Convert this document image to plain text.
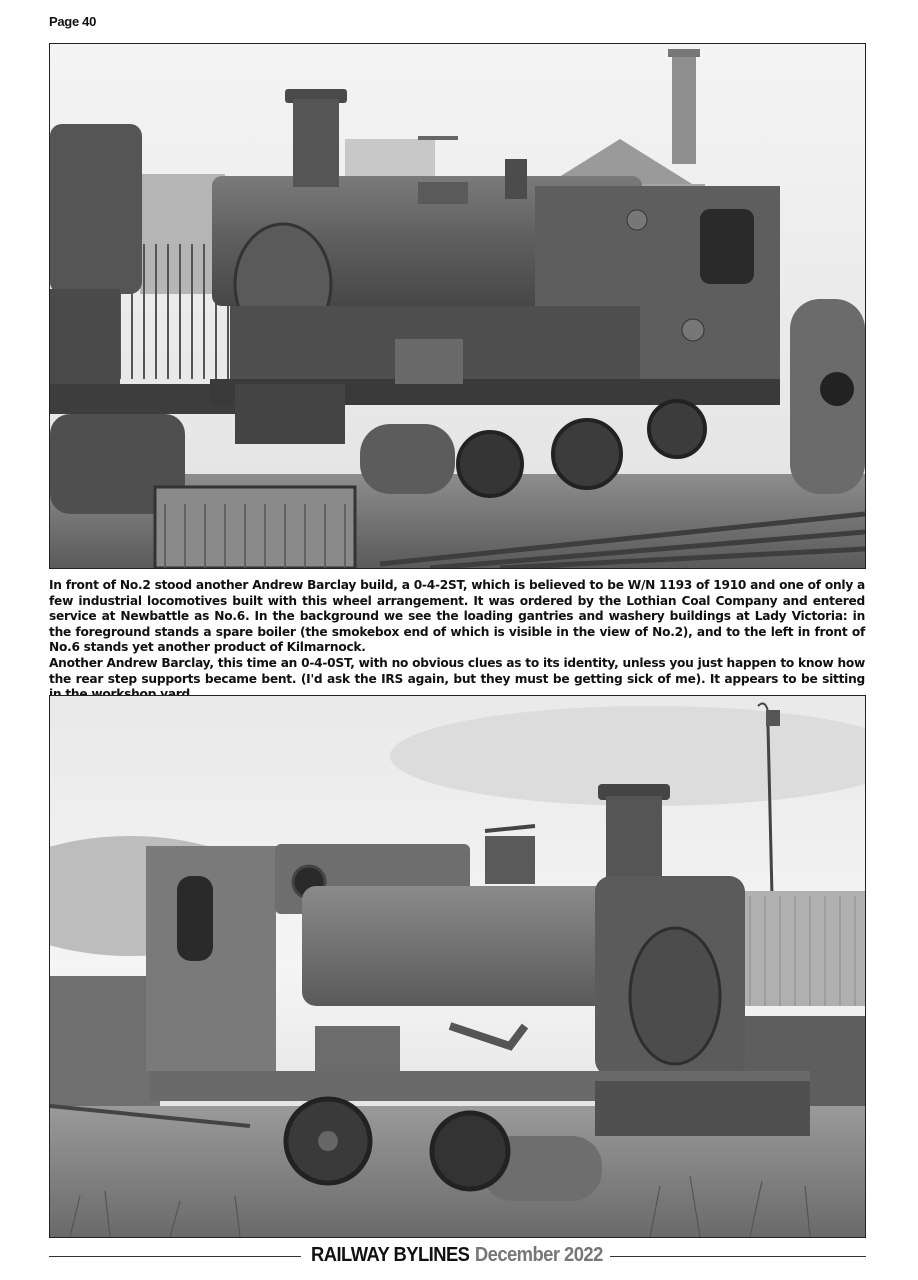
Page 40

In front of No.2 stood another Andrew Barclay build, a 0-4-2ST, which is believed to be W/N 1193 of 1910 and one of only a few industrial locomotives built with this wheel arrangement. It was ordered by the Lothian Coal Company and entered service at Newbattle as No.6. In the background we see the loading gantries and washery buildings at Lady Victoria: in the foreground stands a spare boiler (the smokebox end of which is visible in the view of No.2), and to the left in front of No.6 stands yet another product of Kilmarnock.

Another Andrew Barclay, this time an 0-4-0ST, with no obvious clues as to its identity, unless you just happen to know how the rear step supports became bent. (I'd ask the IRS again, but they must be getting sick of me). It appears to be sitting

RAILWAY BYLINES December 2022
